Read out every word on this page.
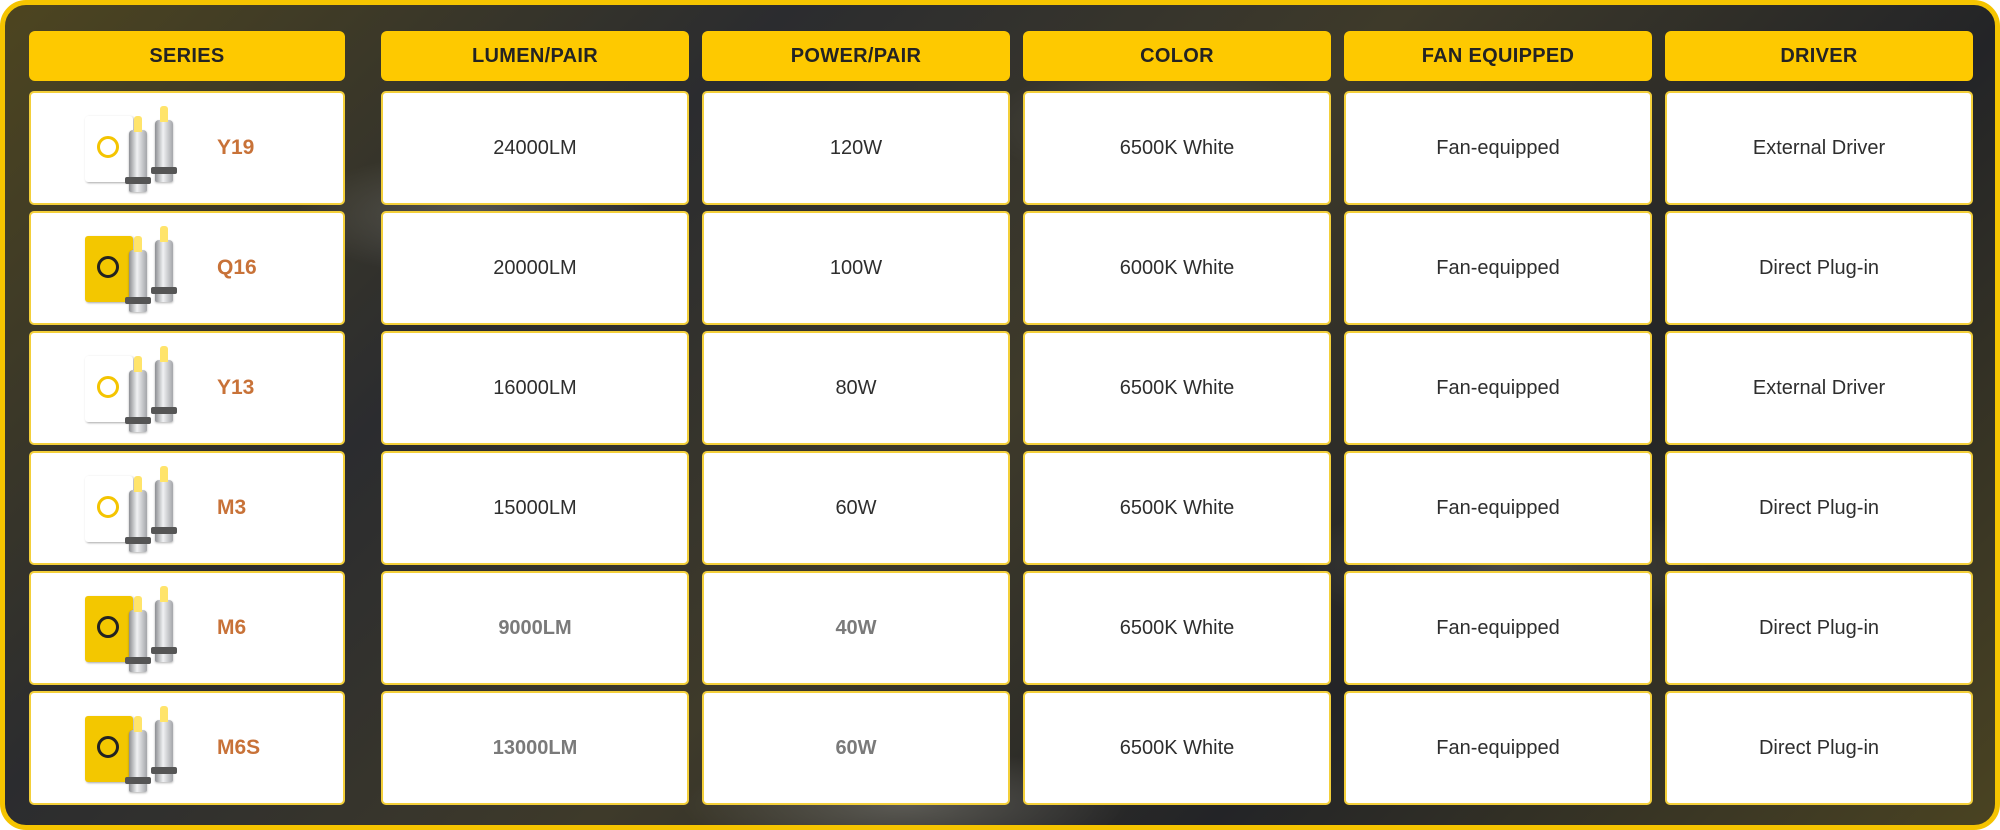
SERIES	LUMEN/PAIR	POWER/PAIR	COLOR	FAN EQUIPPED	DRIVER
Y19	24000LM	120W	6500K White	Fan-equipped	External Driver
Q16	20000LM	100W	6000K White	Fan-equipped	Direct Plug-in
Y13	16000LM	80W	6500K White	Fan-equipped	External Driver
M3	15000LM	60W	6500K White	Fan-equipped	Direct Plug-in
M6	9000LM	40W	6500K White	Fan-equipped	Direct Plug-in
M6S	13000LM	60W	6500K White	Fan-equipped	Direct Plug-in
